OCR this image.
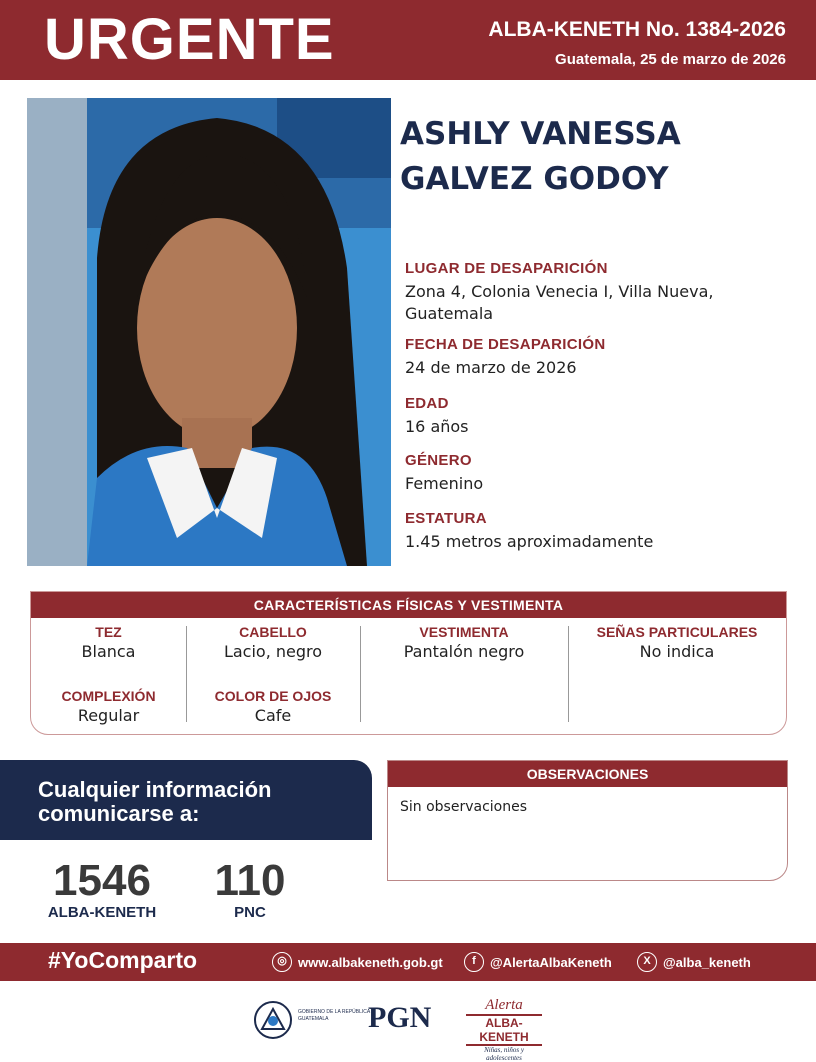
URGENTE	ALBA-KENETH No. 1384-2026
Guatemala, 25 de marzo de 2026
ASHLY VANESSA
GALVEZ GODOY
LUGAR DE DESAPARICIÓN
Zona 4, Colonia Venecia I, Villa Nueva, Guatemala
FECHA DE DESAPARICIÓN
24 de marzo de 2026
EDAD
16 años
GÉNERO
Femenino
ESTATURA
1.45 metros aproximadamente
CARACTERÍSTICAS FÍSICAS Y VESTIMENTA
TEZ
Blanca
CABELLO
Lacio, negro
VESTIMENTA
Pantalón negro
SEÑAS PARTICULARES
No indica
COMPLEXIÓN
Regular
COLOR DE OJOS
Cafe
Cualquier información
comunicarse a:
1546
ALBA-KENETH
110
PNC
OBSERVACIONES
Sin observaciones
#YoComparto	◎ www.albakeneth.gob.gt	f	@AlertaAlbaKeneth	X @alba_keneth
GOBIERNO DE LA REPÚBLICA
GUATEMALA	PGN	Alerta
ALBA-KENETH
Niñas, niños y adolescentes
